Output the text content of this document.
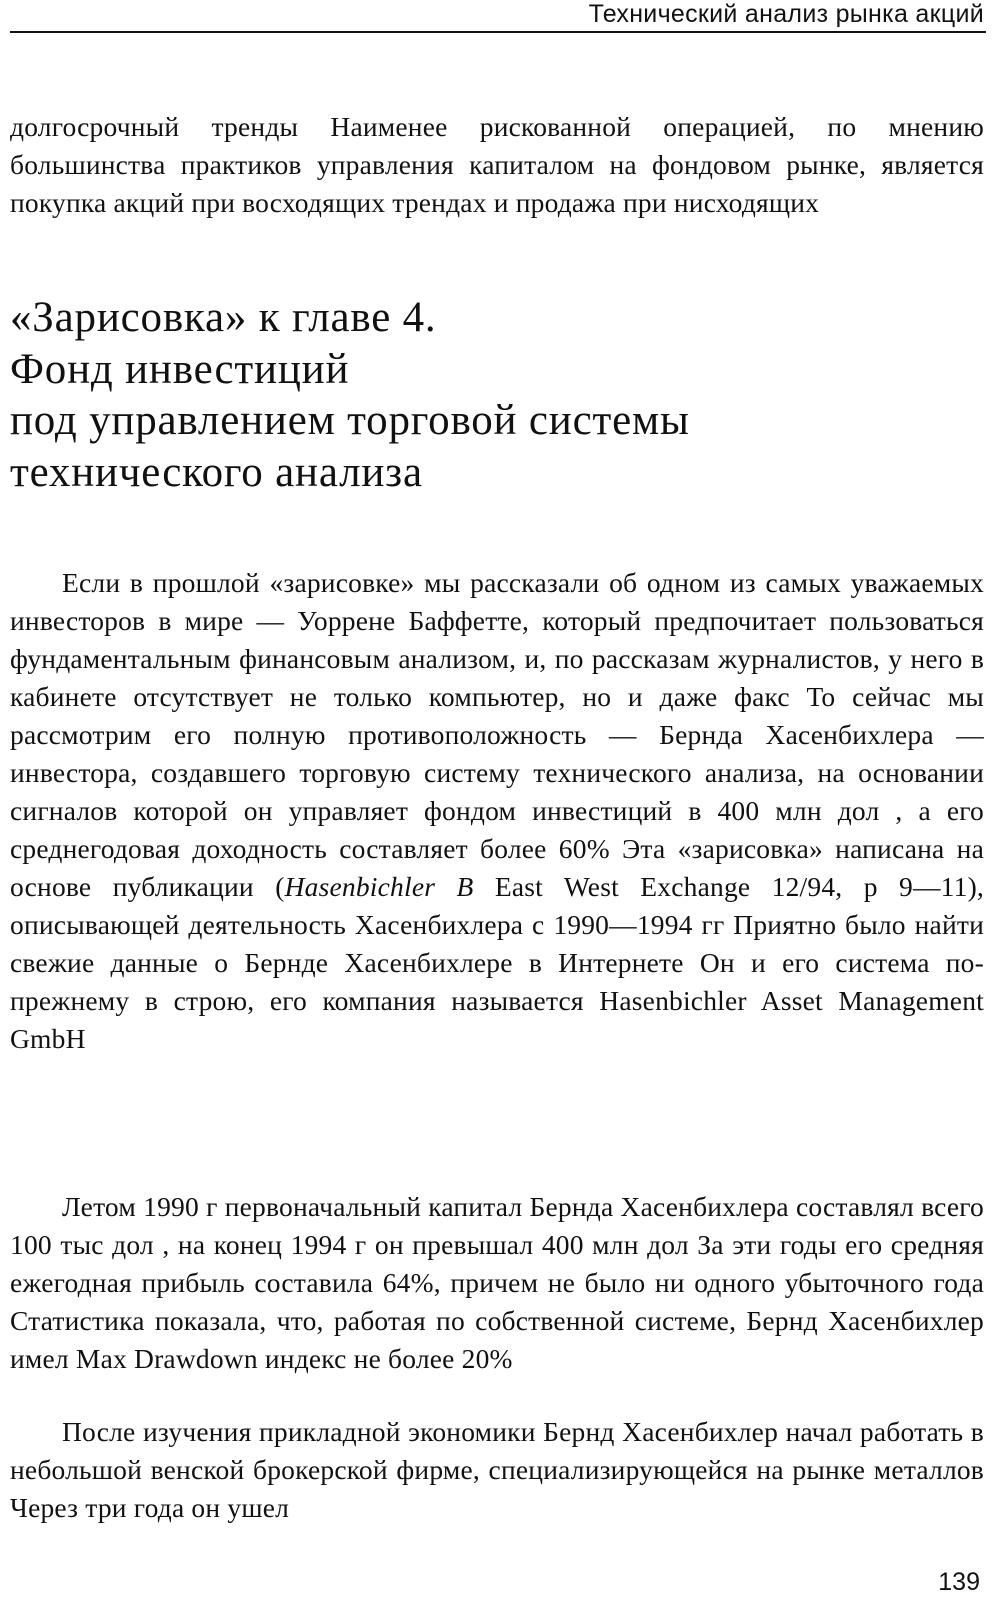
Технический анализ рынка акций

долгосрочный тренды Наименее рискованной операцией, по мнению большинства практиков управления капиталом на фондовом рынке, является покупка акций при восходящих трендах и продажа при нисходящих

«Зарисовка» к главе 4.
Фонд инвестиций
под управлением торговой системы
технического анализа

Если в прошлой «зарисовке» мы рассказали об одном из самых уважаемых инвесторов в мире — Уоррене Баффетте, который предпочитает пользоваться фундаментальным финансовым анализом, и, по рассказам журналистов, у него в кабинете отсутствует не только компьютер, но и даже факс То сейчас мы рассмотрим его полную противоположность — Бернда Хасенбихлера — инвестора, создавшего торговую систему технического анализа, на основании сигналов которой он управляет фондом инвестиций в 400 млн дол , а его среднегодовая доходность составляет более 60% Эта «зарисовка» написана на основе публикации (Hasenbichler B East West Exchange 12/94, p 9—11), описывающей деятельность Хасенбихлера с 1990—1994 гг Приятно было найти свежие данные о Бернде Хасенбихлере в Интернете Он и его система по-прежнему в строю, его компания называется Hasenbichler Asset Management GmbH

Летом 1990 г первоначальный капитал Бернда Хасенбихлера составлял всего 100 тыс дол , на конец 1994 г он превышал 400 млн дол За эти годы его средняя ежегодная прибыль составила 64%, причем не было ни одного убыточного года Статистика показала, что, работая по собственной системе, Бернд Хасенбихлер имел Max Drawdown индекс не более 20%

После изучения прикладной экономики Бернд Хасенбихлер начал работать в небольшой венской брокерской фирме, специализирующейся на рынке металлов Через три года он ушел

139
